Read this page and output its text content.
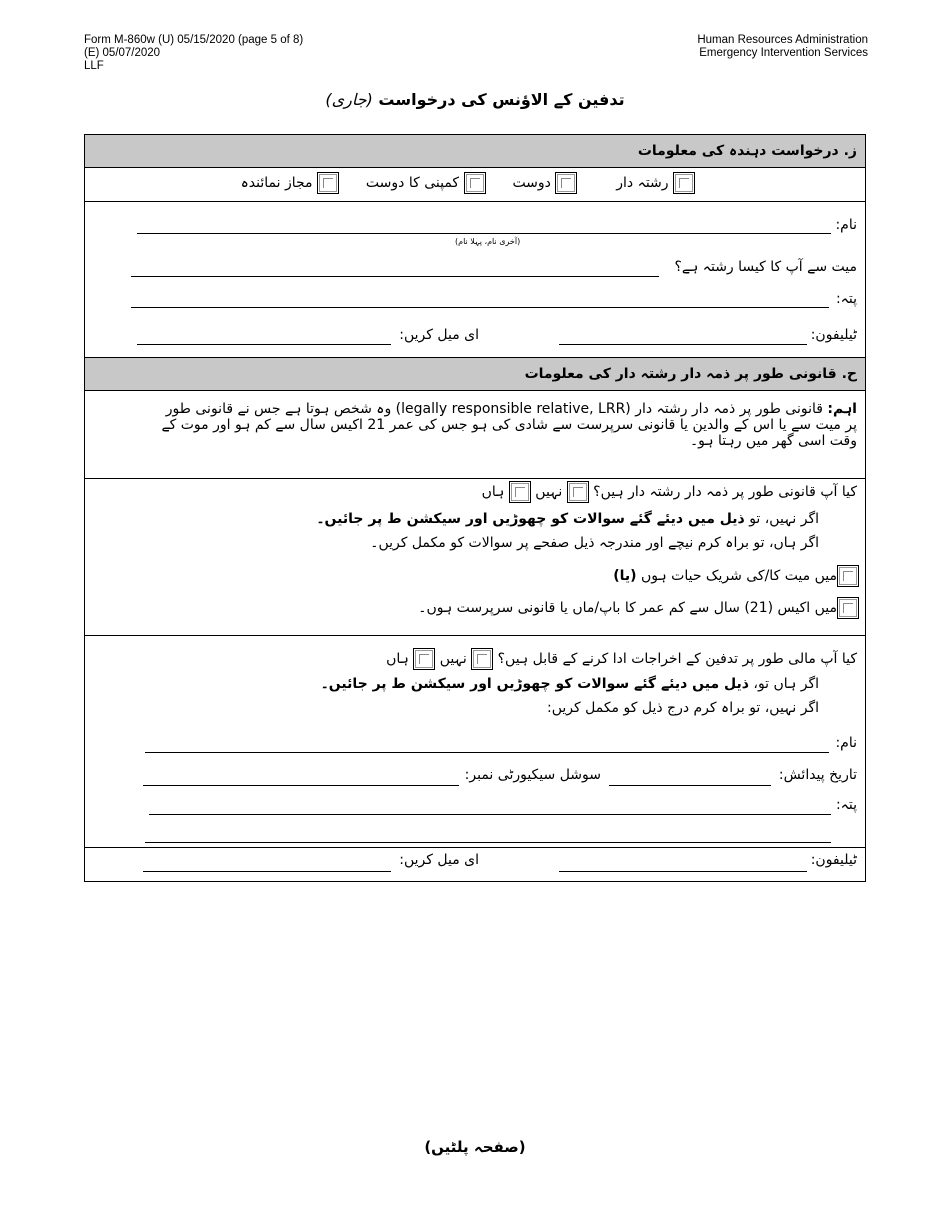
Form M-860w (U) 05/15/2020 (page 5 of 8)
(E) 05/07/2020
LLF
Human Resources Administration
Emergency Intervention Services
تدفین کے الاؤنس کی درخواست (جاری)
ز. درخواست دہندہ کی معلومات
رشتہ دار   دوست   کمپنی کا دوست   مجاز نمائندہ
نام:
(آخری نام، پہلا نام)
میت سے آپ کا کیسا رشتہ ہے؟
پتہ:
ٹیلیفون:
ای میل کریں:
ح. قانونی طور پر ذمہ دار رشتہ دار کی معلومات
اہم: قانونی طور پر ذمہ دار رشتہ دار (legally responsible relative, LRR) وہ شخص ہوتا ہے جس نے قانونی طور
پر میت سے یا اس کے والدین یا قانونی سرپرست سے شادی کی ہو جس کی عمر 21 اکیس سال سے کم ہو اور موت کے
وقت اسی گھر میں رہتا ہو۔
کیا آپ قانونی طور پر ذمہ دار رشتہ دار ہیں؟  نہیں  ہاں
اگر نہیں، تو ذیل میں دیئے گئے سوالات کو چھوڑیں اور سیکشن ط پر جائیں۔
اگر ہاں، تو براہ کرم نیچے اور مندرجہ ذیل صفحے پر سوالات کو مکمل کریں۔
میں میت کا/کی شریک حیات ہوں (یا)
میں اکیس (21) سال سے کم عمر کا باپ/ماں یا قانونی سرپرست ہوں۔
کیا آپ مالی طور پر تدفین کے اخراجات ادا کرنے کے قابل ہیں؟  نہیں  ہاں
اگر ہاں تو، ذیل میں دیئے گئے سوالات کو چھوڑیں اور سیکشن ط پر جائیں۔
اگر نہیں، تو براہ کرم درج ذیل کو مکمل کریں:
نام:
تاریخ پیدائش:
سوشل سیکیورٹی نمبر:
پتہ:
ٹیلیفون:
ای میل کریں:
(صفحہ پلٹیں)
